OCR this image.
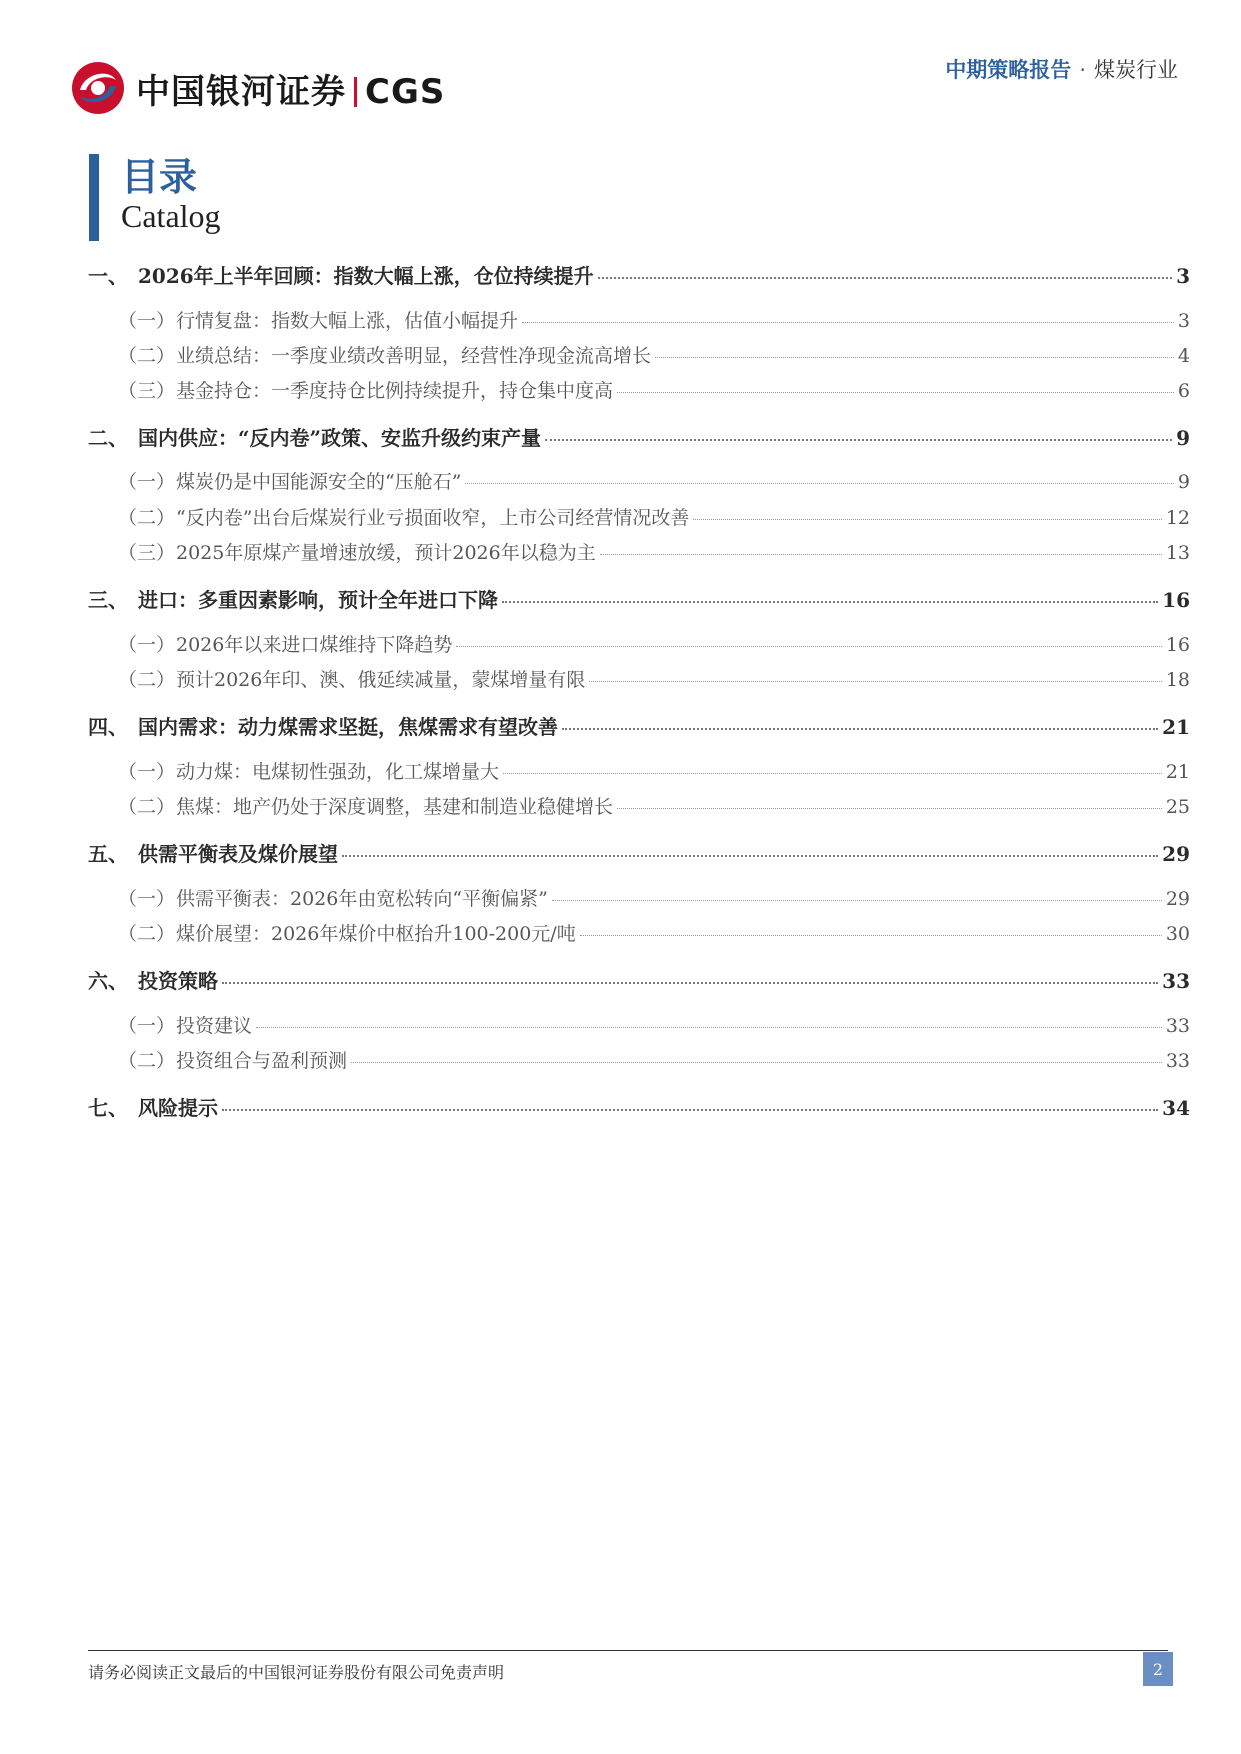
中国银河证券 CGS
中期策略报告 · 煤炭行业
目录
Catalog
一、 2026年上半年回顾：指数大幅上涨，仓位持续提升	3
（一） 行情复盘：指数大幅上涨，估值小幅提升	3
（二） 业绩总结：一季度业绩改善明显，经营性净现金流高增长	4
（三） 基金持仓：一季度持仓比例持续提升，持仓集中度高	6
二、 国内供应：“反内卷”政策、安监升级约束产量	9
（一） 煤炭仍是中国能源安全的“压舱石”	9
（二） “反内卷”出台后煤炭行业亏损面收窄，上市公司经营情况改善	12
（三） 2025年原煤产量增速放缓，预计2026年以稳为主	13
三、 进口：多重因素影响，预计全年进口下降	16
（一） 2026年以来进口煤维持下降趋势	16
（二） 预计2026年印、澳、俄延续减量，蒙煤增量有限	18
四、 国内需求：动力煤需求坚挺，焦煤需求有望改善	21
（一） 动力煤：电煤韧性强劲，化工煤增量大	21
（二） 焦煤：地产仍处于深度调整，基建和制造业稳健增长	25
五、 供需平衡表及煤价展望	29
（一） 供需平衡表：2026年由宽松转向“平衡偏紧”	29
（二） 煤价展望：2026年煤价中枢抬升100-200元/吨	30
六、 投资策略	33
（一） 投资建议	33
（二） 投资组合与盈利预测	33
七、 风险提示	34
请务必阅读正文最后的中国银河证券股份有限公司免责声明	2
